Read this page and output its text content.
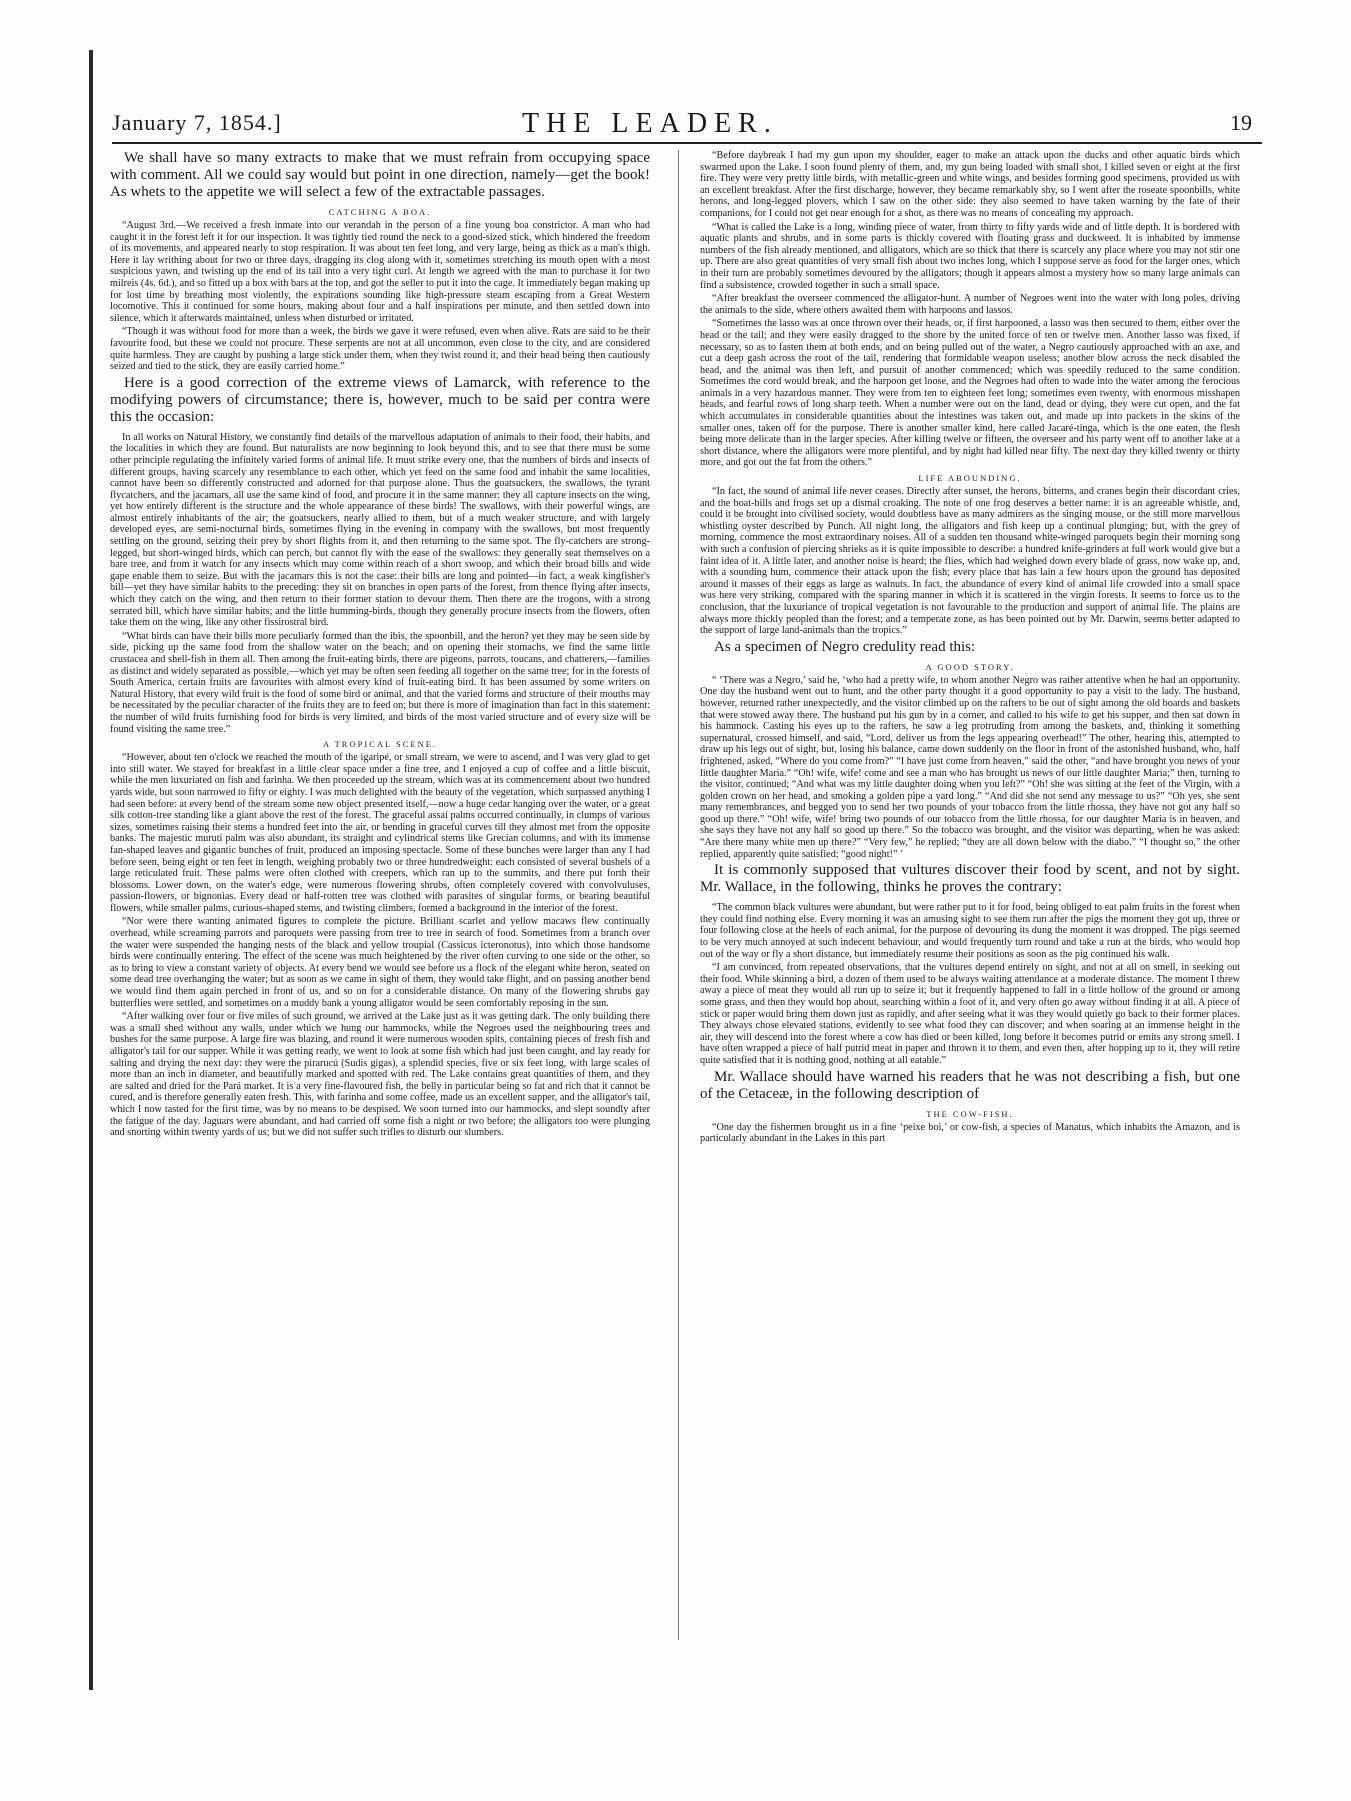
January 7, 1854.]	THE LEADER.	19

We shall have so many extracts to make that we must refrain from occupying space with comment. All we could say would but point in one direction, namely—get the book! As whets to the appetite we will select a few of the extractable passages.

CATCHING A BOA.

“August 3rd.—We received a fresh inmate into our verandah in the person of a fine young boa constrictor. A man who had caught it in the forest left it for our inspection. It was tightly tied round the neck to a good-sized stick, which hindered the freedom of its movements, and appeared nearly to stop respiration. It was about ten feet long, and very large, being as thick as a man's thigh. Here it lay writhing about for two or three days, dragging its clog along with it, sometimes stretching its mouth open with a most suspicious yawn, and twisting up the end of its tail into a very tight curl. At length we agreed with the man to purchase it for two milreis (4s. 6d.), and so fitted up a box with bars at the top, and got the seller to put it into the cage. It immediately began making up for lost time by breathing most violently, the expirations sounding like high-pressure steam escaping from a Great Western locomotive. This it continued for some hours, making about four and a half inspirations per minute, and then settled down into silence, which it afterwards maintained, unless when disturbed or irritated.

“Though it was without food for more than a week, the birds we gave it were refused, even when alive. Rats are said to be their favourite food, but these we could not procure. These serpents are not at all uncommon, even close to the city, and are considered quite harmless. They are caught by pushing a large stick under them, when they twist round it, and their head being then cautiously seized and tied to the stick, they are easily carried home.”

Here is a good correction of the extreme views of Lamarck, with reference to the modifying powers of circumstance; there is, however, much to be said per contra were this the occasion:

In all works on Natural History, we constantly find details of the marvellous adaptation of animals to their food, their habits, and the localities in which they are found. But naturalists are now beginning to look beyond this, and to see that there must be some other principle regulating the infinitely varied forms of animal life. It must strike every one, that the numbers of birds and insects of different groups, having scarcely any resemblance to each other, which yet feed on the same food and inhabit the same localities, cannot have been so differently constructed and adorned for that purpose alone. Thus the goatsuckers, the swallows, the tyrant flycatchers, and the jacamars, all use the same kind of food, and procure it in the same manner: they all capture insects on the wing, yet how entirely different is the structure and the whole appearance of these birds! The swallows, with their powerful wings, are almost entirely inhabitants of the air; the goatsuckers, nearly allied to them, but of a much weaker structure, and with largely developed eyes, are semi-nocturnal birds, sometimes flying in the evening in company with the swallows, but most frequently settling on the ground, seizing their prey by short flights from it, and then returning to the same spot. The fly-catchers are strong-legged, but short-winged birds, which can perch, but cannot fly with the ease of the swallows: they generally seat themselves on a bare tree, and from it watch for any insects which may come within reach of a short swoop, and which their broad bills and wide gape enable them to seize. But with the jacamars this is not the case: their bills are long and pointed—in fact, a weak kingfisher's bill—yet they have similar habits to the preceding: they sit on branches in open parts of the forest, from thence flying after insects, which they catch on the wing, and then return to their former station to devour them. Then there are the trogons, with a strong serrated bill, which have similar habits; and the little humming-birds, though they generally procure insects from the flowers, often take them on the wing, like any other fissirostral bird.

“What birds can have their bills more peculiarly formed than the ibis, the spoonbill, and the heron? yet they may be seen side by side, picking up the same food from the shallow water on the beach; and on opening their stomachs, we find the same little crustacea and shell-fish in them all. Then among the fruit-eating birds, there are pigeons, parrots, toucans, and chatterers,—families as distinct and widely separated as possible,—which yet may be often seen feeding all together on the same tree; for in the forests of South America, certain fruits are favourites with almost every kind of fruit-eating bird. It has been assumed by some writers on Natural History, that every wild fruit is the food of some bird or animal, and that the varied forms and structure of their mouths may be necessitated by the peculiar character of the fruits they are to feed on; but there is more of imagination than fact in this statement: the number of wild fruits furnishing food for birds is very limited, and birds of the most varied structure and of every size will be found visiting the same tree.”

A TROPICAL SCENE.

“However, about ten o'clock we reached the mouth of the igaripé, or small stream, we were to ascend, and I was very glad to get into still water. We stayed for breakfast in a little clear space under a fine tree, and I enjoyed a cup of coffee and a little biscuit, while the men luxuriated on fish and farinha. We then proceeded up the stream, which was at its commencement about two hundred yards wide, but soon narrowed to fifty or eighty. I was much delighted with the beauty of the vegetation, which surpassed anything I had seen before: at every bend of the stream some new object presented itself,—now a huge cedar hanging over the water, or a great silk cotton-tree standing like a giant above the rest of the forest. The graceful assaí palms occurred continually, in clumps of various sizes, sometimes raising their stems a hundred feet into the air, or bending in graceful curves till they almost met from the opposite banks. The majestic murutí palm was also abundant, its straight and cylindrical stems like Grecian columns, and with its immense fan-shaped leaves and gigantic bunches of fruit, produced an imposing spectacle. Some of these bunches were larger than any I had before seen, being eight or ten feet in length, weighing probably two or three hundredweight: each consisted of several bushels of a large reticulated fruit. These palms were often clothed with creepers, which ran up to the summits, and there put forth their blossoms. Lower down, on the water's edge, were numerous flowering shrubs, often completely covered with convolvuluses, passion-flowers, or bignonias. Every dead or half-rotten tree was clothed with parasites of singular forms, or bearing beautiful flowers, while smaller palms, curious-shaped stems, and twisting climbers, formed a background in the interior of the forest.

“Nor were there wanting animated figures to complete the picture. Brilliant scarlet and yellow macaws flew continually overhead, while screaming parrots and paroquets were passing from tree to tree in search of food. Sometimes from a branch over the water were suspended the hanging nests of the black and yellow troupial (Cassicus icteronotus), into which those handsome birds were continually entering. The effect of the scene was much heightened by the river often curving to one side or the other, so as to bring to view a constant variety of objects. At every bend we would see before us a flock of the elegant white heron, seated on some dead tree overhanging the water; but as soon as we came in sight of them, they would take flight, and on passing another bend we would find them again perched in front of us, and so on for a considerable distance. On many of the flowering shrubs gay butterflies were settled, and sometimes on a muddy bank a young alligator would be seen comfortably reposing in the sun.

“After walking over four or five miles of such ground, we arrived at the Lake just as it was getting dark. The only building there was a small shed without any walls, under which we hung our hammocks, while the Negroes used the neighbouring trees and bushes for the same purpose. A large fire was blazing, and round it were numerous wooden spits, containing pieces of fresh fish and alligator's tail for our supper. While it was getting ready, we went to look at some fish which had just been caught, and lay ready for salting and drying the next day: they were the pirarucú (Sudis gigas), a splendid species, five or six feet long, with large scales of more than an inch in diameter, and beautifully marked and spotted with red. The Lake contains great quantities of them, and they are salted and dried for the Pará market. It is a very fine-flavoured fish, the belly in particular being so fat and rich that it cannot be cured, and is therefore generally eaten fresh. This, with farinha and some coffee, made us an excellent supper, and the alligator's tail, which I now tasted for the first time, was by no means to be despised. We soon turned into our hammocks, and slept soundly after the fatigue of the day. Jaguars were abundant, and had carried off some fish a night or two before; the alligators too were plunging and snorting within twenty yards of us; but we did not suffer such trifles to disturb our slumbers.

“Before daybreak I had my gun upon my shoulder, eager to make an attack upon the ducks and other aquatic birds which swarmed upon the Lake. I soon found plenty of them, and, my gun being loaded with small shot, I killed seven or eight at the first fire. They were very pretty little birds, with metallic-green and white wings, and besides forming good specimens, provided us with an excellent breakfast. After the first discharge, however, they became remarkably shy, so I went after the roseate spoonbills, white herons, and long-legged plovers, which I saw on the other side: they also seemed to have taken warning by the fate of their companions, for I could not get near enough for a shot, as there was no means of concealing my approach.

“What is called the Lake is a long, winding piece of water, from thirty to fifty yards wide and of little depth. It is bordered with aquatic plants and shrubs, and in some parts is thickly covered with floating grass and duckweed. It is inhabited by immense numbers of the fish already mentioned, and alligators, which are so thick that there is scarcely any place where you may not stir one up. There are also great quantities of very small fish about two inches long, which I suppose serve as food for the larger ones, which in their turn are probably sometimes devoured by the alligators; though it appears almost a mystery how so many large animals can find a subsistence, crowded together in such a small space.

“After breakfast the overseer commenced the alligator-hunt. A number of Negroes went into the water with long poles, driving the animals to the side, where others awaited them with harpoons and lassos.

“Sometimes the lasso was at once thrown over their heads, or, if first harpooned, a lasso was then secured to them, either over the head or the tail; and they were easily dragged to the shore by the united force of ten or twelve men. Another lasso was fixed, if necessary, so as to fasten them at both ends, and on being pulled out of the water, a Negro cautiously approached with an axe, and cut a deep gash across the root of the tail, rendering that formidable weapon useless; another blow across the neck disabled the head, and the animal was then left, and pursuit of another commenced; which was speedily reduced to the same condition. Sometimes the cord would break, and the harpoon get loose, and the Negroes had often to wade into the water among the ferocious animals in a very hazardous manner. They were from ten to eighteen feet long; sometimes even twenty, with enormous misshapen heads, and fearful rows of long sharp teeth. When a number were out on the land, dead or dying, they were cut open, and the fat which accumulates in considerable quantities about the intestines was taken out, and made up into packets in the skins of the smaller ones, taken off for the purpose. There is another smaller kind, here called Jacaré-tinga, which is the one eaten, the flesh being more delicate than in the larger species. After killing twelve or fifteen, the overseer and his party went off to another lake at a short distance, where the alligators were more plentiful, and by night had killed near fifty. The next day they killed twenty or thirty more, and got out the fat from the others.”

LIFE ABOUNDING.

“In fact, the sound of animal life never ceases. Directly after sunset, the herons, bitterns, and cranes begin their discordant cries, and the boat-bills and frogs set up a dismal croaking. The note of one frog deserves a better name: it is an agreeable whistle, and, could it be brought into civilised society, would doubtless have as many admirers as the singing mouse, or the still more marvellous whistling oyster described by Punch. All night long, the alligators and fish keep up a continual plunging; but, with the grey of morning, commence the most extraordinary noises. All of a sudden ten thousand white-winged paroquets begin their morning song with such a confusion of piercing shrieks as it is quite impossible to describe: a hundred knife-grinders at full work would give but a faint idea of it. A little later, and another noise is heard; the flies, which had weighed down every blade of grass, now wake up, and, with a sounding hum, commence their attack upon the fish; every place that has lain a few hours upon the ground has deposited around it masses of their eggs as large as walnuts. In fact, the abundance of every kind of animal life crowded into a small space was here very striking, compared with the sparing manner in which it is scattered in the virgin forests. It seems to force us to the conclusion, that the luxuriance of tropical vegetation is not favourable to the production and support of animal life. The plains are always more thickly peopled than the forest; and a temperate zone, as has been pointed out by Mr. Darwin, seems better adapted to the support of large land-animals than the tropics.”

As a specimen of Negro credulity read this:

A GOOD STORY.

“ ‘There was a Negro,’ said he, ‘who had a pretty wife, to whom another Negro was rather attentive when he had an opportunity. One day the husband went out to hunt, and the other party thought it a good opportunity to pay a visit to the lady. The husband, however, returned rather unexpectedly, and the visitor climbed up on the rafters to be out of sight among the old boards and baskets that were stowed away there. The husband put his gun by in a corner, and called to his wife to get his supper, and then sat down in his hammock. Casting his eyes up to the rafters, he saw a leg protruding from among the baskets, and, thinking it something supernatural, crossed himself, and said, “Lord, deliver us from the legs appearing overhead!” The other, hearing this, attempted to draw up his legs out of sight, but, losing his balance, came down suddenly on the floor in front of the astonished husband, who, half frightened, asked, “Where do you come from?” “I have just come from heaven,” said the other, “and have brought you news of your little daughter Maria.” “Oh! wife, wife! come and see a man who has brought us news of our little daughter Maria;” then, turning to the visitor, continued; “And what was my little daughter doing when you left?” “Oh! she was sitting at the feet of the Virgin, with a golden crown on her head, and smoking a golden pipe a yard long.” “And did she not send any message to us?” “Oh yes, she sent many remembrances, and begged you to send her two pounds of your tobacco from the little rhossa, they have not got any half so good up there.” “Oh! wife, wife! bring two pounds of our tobacco from the little rhossa, for our daughter Maria is in heaven, and she says they have not any half so good up there.” So the tobacco was brought, and the visitor was departing, when he was asked: “Are there many white men up there?” “Very few,” he replied; “they are all down below with the diabo.” “I thought so,” the other replied, apparently quite satisfied; “good night!” ’

It is commonly supposed that vultures discover their food by scent, and not by sight. Mr. Wallace, in the following, thinks he proves the contrary:

“The common black vultures were abundant, but were rather put to it for food, being obliged to eat palm fruits in the forest when they could find nothing else. Every morning it was an amusing sight to see them run after the pigs the moment they got up, three or four following close at the heels of each animal, for the purpose of devouring its dung the moment it was dropped. The pigs seemed to be very much annoyed at such indecent behaviour, and would frequently turn round and take a run at the birds, who would hop out of the way or fly a short distance, but immediately resume their positions as soon as the pig continued his walk.

“I am convinced, from repeated observations, that the vultures depend entirely on sight, and not at all on smell, in seeking out their food. While skinning a bird, a dozen of them used to be always waiting attendance at a moderate distance. The moment I threw away a piece of meat they would all run up to seize it; but it frequently happened to fall in a little hollow of the ground or among some grass, and then they would hop about, searching within a foot of it, and very often go away without finding it at all. A piece of stick or paper would bring them down just as rapidly, and after seeing what it was they would quietly go back to their former places. They always chose elevated stations, evidently to see what food they can discover; and when soaring at an immense height in the air, they will descend into the forest where a cow has died or been killed, long before it becomes putrid or emits any strong smell. I have often wrapped a piece of half putrid meat in paper and thrown it to them, and even then, after hopping up to it, they will retire quite satisfied that it is nothing good, nothing at all eatable.”

Mr. Wallace should have warned his readers that he was not describing a fish, but one of the Cetaceæ, in the following description of

THE COW-FISH.

“One day the fishermen brought us in a fine ‘peixe boi,’ or cow-fish, a species of Manatus, which inhabits the Amazon, and is particularly abundant in the Lakes in this part
